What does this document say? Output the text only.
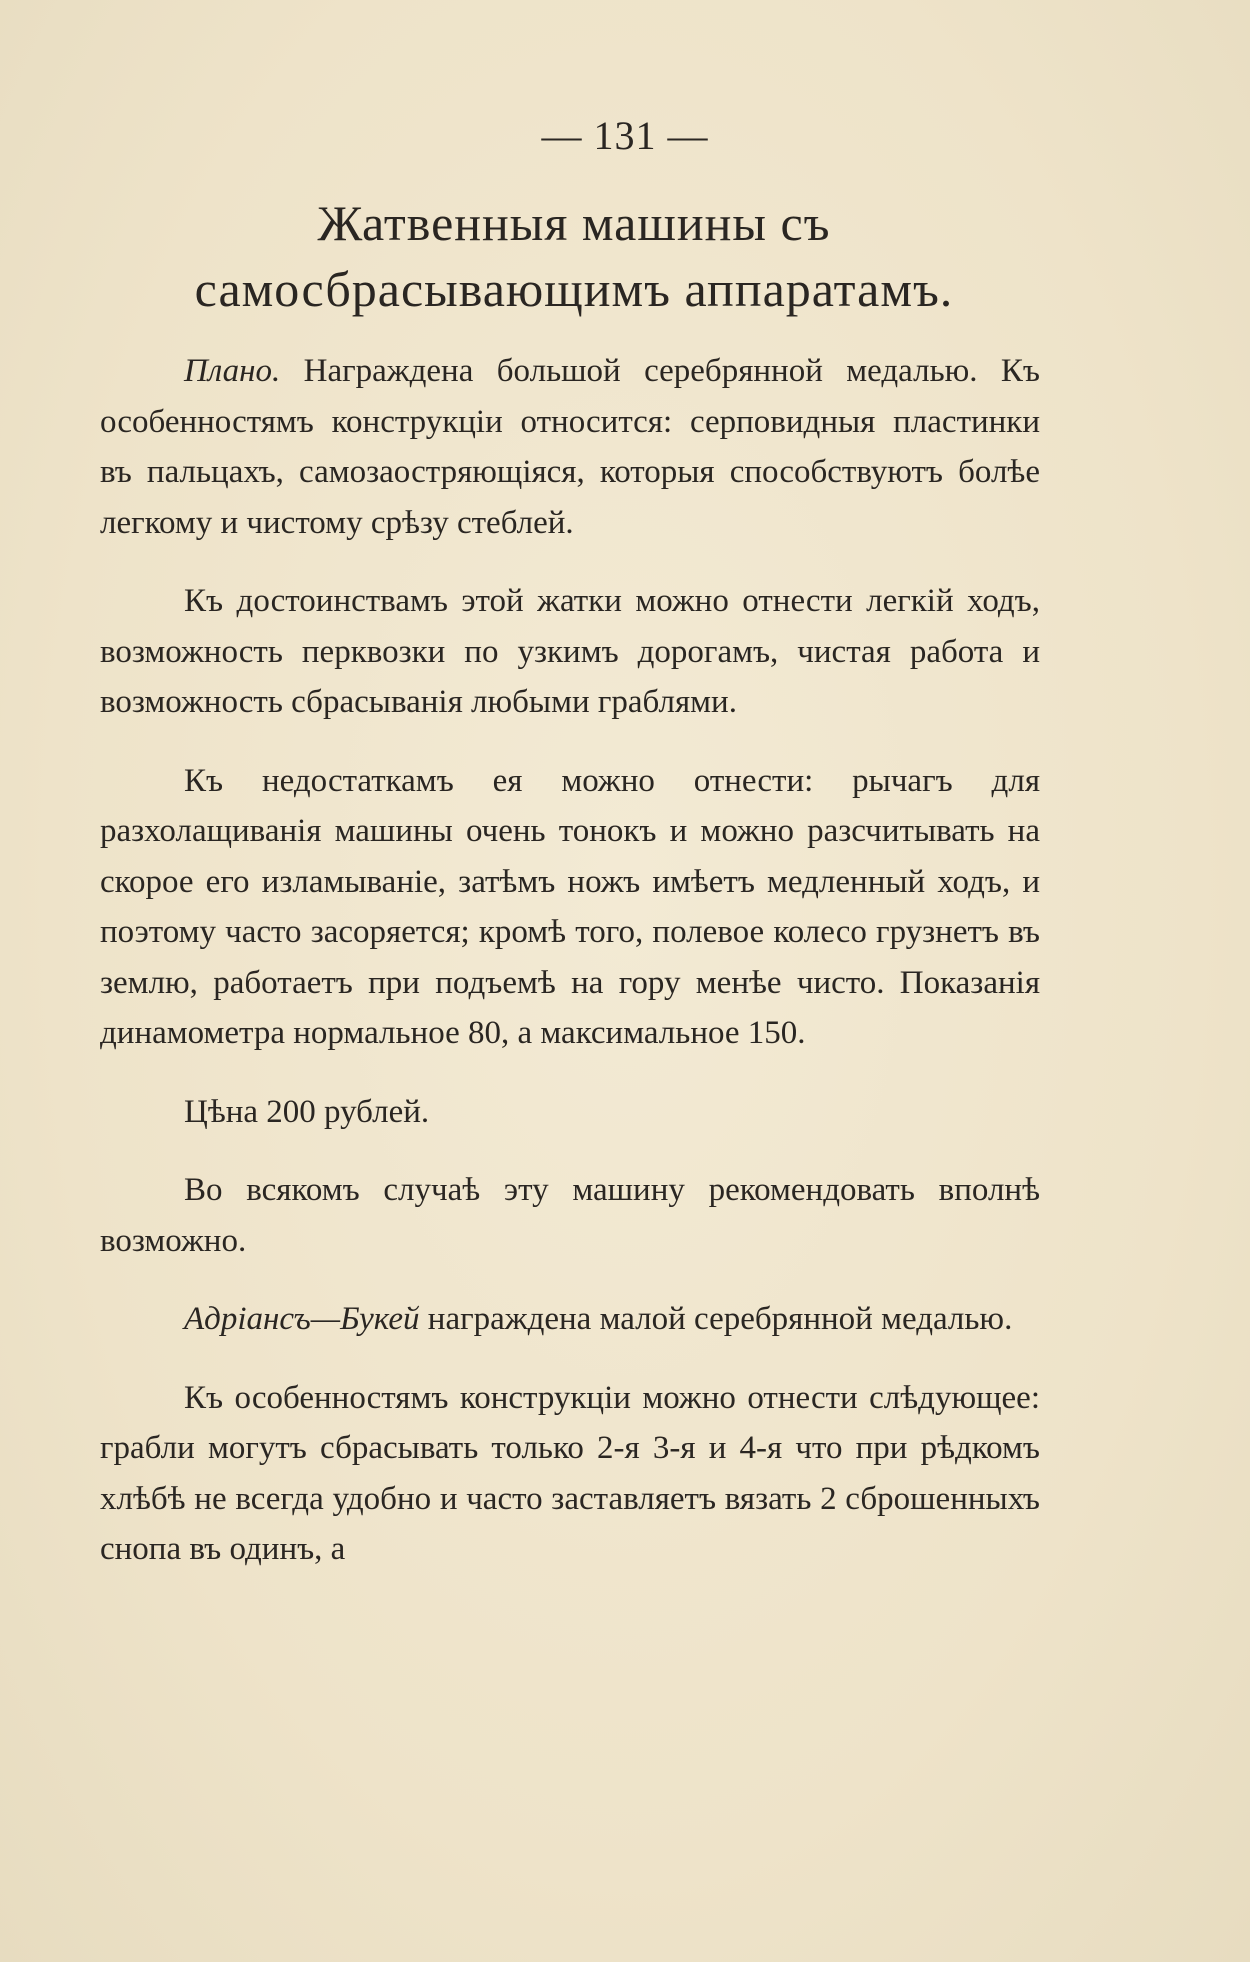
— 131 —
Жатвенныя машины съ самосбрасывающимъ аппаратамъ.

Плано. Награждена большой серебрянной медалью. Къ особенностямъ конструкціи относится: серповидныя пластинки въ пальцахъ, самозаостряющіяся, которыя способствуютъ болѣе легкому и чистому срѣзу стеблей.

Къ достоинствамъ этой жатки можно отнести легкій ходъ, возможность перквозки по узкимъ дорогамъ, чистая работа и возможность сбрасыванія любыми граблями.

Къ недостаткамъ ея можно отнести: рычагъ для разхолащиванія машины очень тонокъ и можно разсчитывать на скорое его изламываніе, затѣмъ ножъ имѣетъ медленный ходъ, и поэтому часто засоряется; кромѣ того, полевое колесо грузнетъ въ землю, работаетъ при подъемѣ на гору менѣе чисто. Показанія динамометра нормальное 80, а максимальное 150.

Цѣна 200 рублей.

Во всякомъ случаѣ эту машину рекомендовать вполнѣ возможно.

Адріансъ—Букей награждена малой серебрянной медалью.

Къ особенностямъ конструкціи можно отнести слѣдующее: грабли могутъ сбрасывать только 2-я 3-я и 4-я что при рѣдкомъ хлѣбѣ не всегда удобно и часто заставляетъ вязать 2 сброшенныхъ снопа въ одинъ, а
